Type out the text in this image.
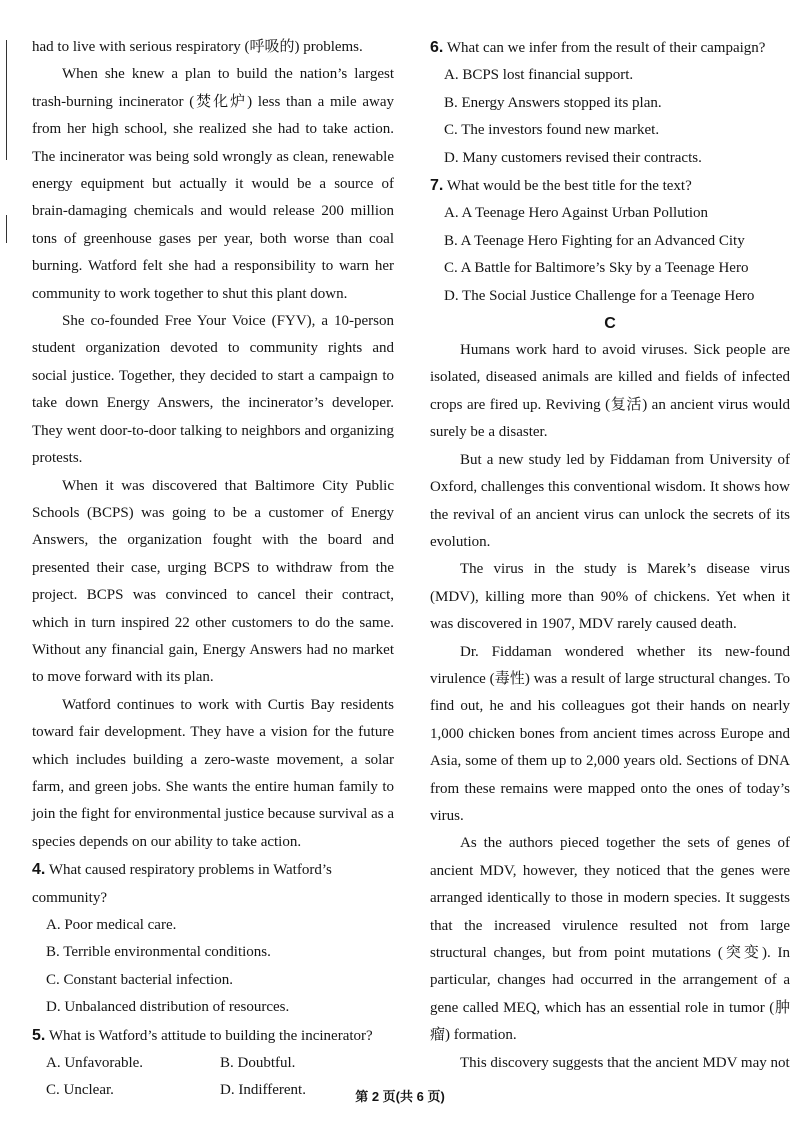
had to live with serious respiratory (呼吸的) problems.

When she knew a plan to build the nation’s largest trash-burning incinerator (焚化炉) less than a mile away from her high school, she realized she had to take action. The incinerator was being sold wrongly as clean, renewable energy equipment but actually it would be a source of brain-damaging chemicals and would release 200 million tons of greenhouse gases per year, both worse than coal burning. Watford felt she had a responsibility to warn her community to work together to shut this plant down.

She co-founded Free Your Voice (FYV), a 10-person student organization devoted to community rights and social justice. Together, they decided to start a campaign to take down Energy Answers, the incinerator’s developer. They went door-to-door talking to neighbors and organizing protests.

When it was discovered that Baltimore City Public Schools (BCPS) was going to be a customer of Energy Answers, the organization fought with the board and presented their case, urging BCPS to withdraw from the project. BCPS was convinced to cancel their contract, which in turn inspired 22 other customers to do the same. Without any financial gain, Energy Answers had no market to move forward with its plan.

Watford continues to work with Curtis Bay residents toward fair development. They have a vision for the future which includes building a zero-waste movement, a solar farm, and green jobs. She wants the entire human family to join the fight for environmental justice because survival as a species depends on our ability to take action.

4. What caused respiratory problems in Watford’s community?
A. Poor medical care.
B. Terrible environmental conditions.
C. Constant bacterial infection.
D. Unbalanced distribution of resources.
5. What is Watford’s attitude to building the incinerator?
A. Unfavorable.	B. Doubtful.
C. Unclear.	D. Indifferent.
6. What can we infer from the result of their campaign?
A. BCPS lost financial support.
B. Energy Answers stopped its plan.
C. The investors found new market.
D. Many customers revised their contracts.
7. What would be the best title for the text?
A. A Teenage Hero Against Urban Pollution
B. A Teenage Hero Fighting for an Advanced City
C. A Battle for Baltimore’s Sky by a Teenage Hero
D. The Social Justice Challenge for a Teenage Hero
C

Humans work hard to avoid viruses. Sick people are isolated, diseased animals are killed and fields of infected crops are fired up. Reviving (复活) an ancient virus would surely be a disaster.

But a new study led by Fiddaman from University of Oxford, challenges this conventional wisdom. It shows how the revival of an ancient virus can unlock the secrets of its evolution.

The virus in the study is Marek’s disease virus (MDV), killing more than 90% of chickens. Yet when it was discovered in 1907, MDV rarely caused death.

Dr. Fiddaman wondered whether its new-found virulence (毒性) was a result of large structural changes. To find out, he and his colleagues got their hands on nearly 1,000 chicken bones from ancient times across Europe and Asia, some of them up to 2,000 years old. Sections of DNA from these remains were mapped onto the ones of today’s virus.

As the authors pieced together the sets of genes of ancient MDV, however, they noticed that the genes were arranged identically to those in modern species. It suggests that the increased virulence resulted not from large structural changes, but from point mutations (突变). In particular, changes had occurred in the arrangement of a gene called MEQ, which has an essential role in tumor (肿瘤) formation.

This discovery suggests that the ancient MDV may not

第 2 页(共 6 页)
